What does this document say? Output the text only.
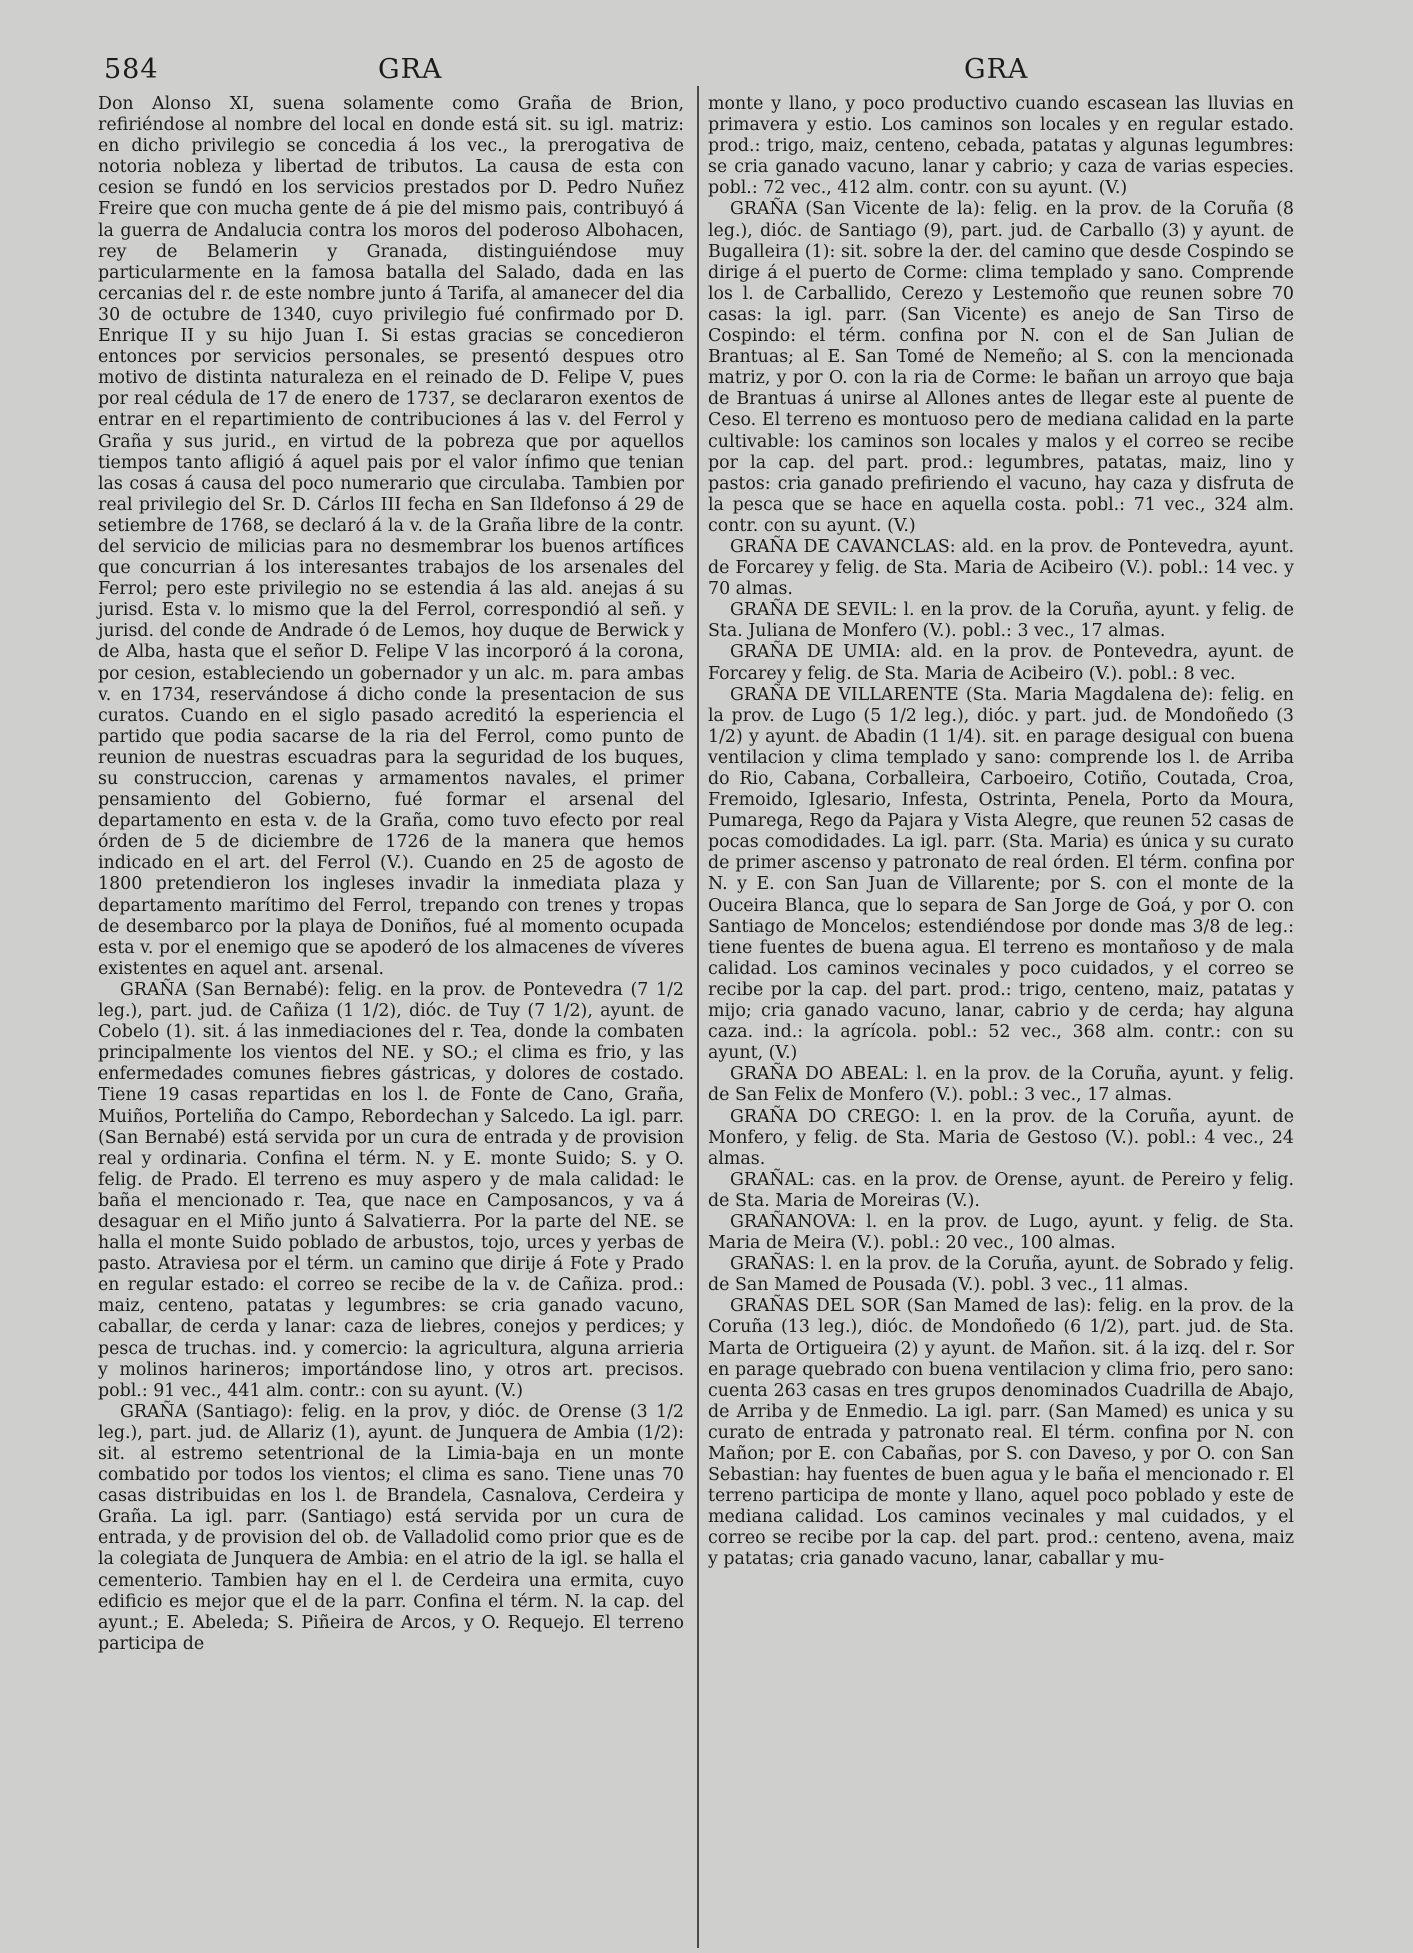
584	GRA	GRA

Don Alonso XI, suena solamente como Graña de Brion, refiriéndose al nombre del local en donde está sit. su igl. matriz: en dicho privilegio se concedia á los vec., la prerogativa de notoria nobleza y libertad de tributos. La causa de esta con cesion se fundó en los servicios prestados por D. Pedro Nuñez Freire que con mucha gente de á pie del mismo pais, contribuyó á la guerra de Andalucia contra los moros del poderoso Albohacen, rey de Belamerin y Granada, distinguiéndose muy particularmente en la famosa batalla del Salado, dada en las cercanias del r. de este nombre junto á Tarifa, al amanecer del dia 30 de octubre de 1340, cuyo privilegio fué confirmado por D. Enrique II y su hijo Juan I. Si estas gracias se concedieron entonces por servicios personales, se presentó despues otro motivo de distinta naturaleza en el reinado de D. Felipe V, pues por real cédula de 17 de enero de 1737, se declararon exentos de entrar en el repartimiento de contribuciones á las v. del Ferrol y Graña y sus jurid., en virtud de la pobreza que por aquellos tiempos tanto afligió á aquel pais por el valor ínfimo que tenian las cosas á causa del poco numerario que circulaba. Tambien por real privilegio del Sr. D. Cárlos III fecha en San Ildefonso á 29 de setiembre de 1768, se declaró á la v. de la Graña libre de la contr. del servicio de milicias para no desmembrar los buenos artífices que concurrian á los interesantes trabajos de los arsenales del Ferrol; pero este privilegio no se estendia á las ald. anejas á su jurisd. Esta v. lo mismo que la del Ferrol, correspondió al señ. y jurisd. del conde de Andrade ó de Lemos, hoy duque de Berwick y de Alba, hasta que el señor D. Felipe V las incorporó á la corona, por cesion, estableciendo un gobernador y un alc. m. para ambas v. en 1734, reservándose á dicho conde la presentacion de sus curatos. Cuando en el siglo pasado acreditó la esperiencia el partido que podia sacarse de la ria del Ferrol, como punto de reunion de nuestras escuadras para la seguridad de los buques, su construccion, carenas y armamentos navales, el primer pensamiento del Gobierno, fué formar el arsenal del departamento en esta v. de la Graña, como tuvo efecto por real órden de 5 de diciembre de 1726 de la manera que hemos indicado en el art. del Ferrol (V.). Cuando en 25 de agosto de 1800 pretendieron los ingleses invadir la inmediata plaza y departamento marítimo del Ferrol, trepando con trenes y tropas de desembarco por la playa de Doniños, fué al momento ocupada esta v. por el enemigo que se apoderó de los almacenes de víveres existentes en aquel ant. arsenal.

GRAÑA (San Bernabé): felig. en la prov. de Pontevedra (7 1/2 leg.), part. jud. de Cañiza (1 1/2), dióc. de Tuy (7 1/2), ayunt. de Cobelo (1). sit. á las inmediaciones del r. Tea, donde la combaten principalmente los vientos del NE. y SO.; el clima es frio, y las enfermedades comunes fiebres gástricas, y dolores de costado. Tiene 19 casas repartidas en los l. de Fonte de Cano, Graña, Muiños, Porteliña do Campo, Rebordechan y Salcedo. La igl. parr. (San Bernabé) está servida por un cura de entrada y de provision real y ordinaria. Confina el térm. N. y E. monte Suido; S. y O. felig. de Prado. El terreno es muy aspero y de mala calidad: le baña el mencionado r. Tea, que nace en Camposancos, y va á desaguar en el Miño junto á Salvatierra. Por la parte del NE. se halla el monte Suido poblado de arbustos, tojo, urces y yerbas de pasto. Atraviesa por el térm. un camino que dirije á Fote y Prado en regular estado: el correo se recibe de la v. de Cañiza. prod.: maiz, centeno, patatas y legumbres: se cria ganado vacuno, caballar, de cerda y lanar: caza de liebres, conejos y perdices; y pesca de truchas. ind. y comercio: la agricultura, alguna arrieria y molinos harineros; importándose lino, y otros art. precisos. pobl.: 91 vec., 441 alm. contr.: con su ayunt. (V.)

GRAÑA (Santiago): felig. en la prov, y dióc. de Orense (3 1/2 leg.), part. jud. de Allariz (1), ayunt. de Junquera de Ambia (1/2): sit. al estremo setentrional de la Limia-baja en un monte combatido por todos los vientos; el clima es sano. Tiene unas 70 casas distribuidas en los l. de Brandela, Casnalova, Cerdeira y Graña. La igl. parr. (Santiago) está servida por un cura de entrada, y de provision del ob. de Valladolid como prior que es de la colegiata de Junquera de Ambia: en el atrio de la igl. se halla el cementerio. Tambien hay en el l. de Cerdeira una ermita, cuyo edificio es mejor que el de la parr. Confina el térm. N. la cap. del ayunt.; E. Abeleda; S. Piñeira de Arcos, y O. Requejo. El terreno participa de

monte y llano, y poco productivo cuando escasean las lluvias en primavera y estio. Los caminos son locales y en regular estado. prod.: trigo, maiz, centeno, cebada, patatas y algunas legumbres: se cria ganado vacuno, lanar y cabrio; y caza de varias especies. pobl.: 72 vec., 412 alm. contr. con su ayunt. (V.)

GRAÑA (San Vicente de la): felig. en la prov. de la Coruña (8 leg.), dióc. de Santiago (9), part. jud. de Carballo (3) y ayunt. de Bugalleira (1): sit. sobre la der. del camino que desde Cospindo se dirige á el puerto de Corme: clima templado y sano. Comprende los l. de Carballido, Cerezo y Lestemoño que reunen sobre 70 casas: la igl. parr. (San Vicente) es anejo de San Tirso de Cospindo: el térm. confina por N. con el de San Julian de Brantuas; al E. San Tomé de Nemeño; al S. con la mencionada matriz, y por O. con la ria de Corme: le bañan un arroyo que baja de Brantuas á unirse al Allones antes de llegar este al puente de Ceso. El terreno es montuoso pero de mediana calidad en la parte cultivable: los caminos son locales y malos y el correo se recibe por la cap. del part. prod.: legumbres, patatas, maiz, lino y pastos: cria ganado prefiriendo el vacuno, hay caza y disfruta de la pesca que se hace en aquella costa. pobl.: 71 vec., 324 alm. contr. con su ayunt. (V.)

GRAÑA DE CAVANCLAS: ald. en la prov. de Pontevedra, ayunt. de Forcarey y felig. de Sta. Maria de Acibeiro (V.). pobl.: 14 vec. y 70 almas.

GRAÑA DE SEVIL: l. en la prov. de la Coruña, ayunt. y felig. de Sta. Juliana de Monfero (V.). pobl.: 3 vec., 17 almas.

GRAÑA DE UMIA: ald. en la prov. de Pontevedra, ayunt. de Forcarey y felig. de Sta. Maria de Acibeiro (V.). pobl.: 8 vec.

GRAÑA DE VILLARENTE (Sta. Maria Magdalena de): felig. en la prov. de Lugo (5 1/2 leg.), dióc. y part. jud. de Mondoñedo (3 1/2) y ayunt. de Abadin (1 1/4). sit. en parage desigual con buena ventilacion y clima templado y sano: comprende los l. de Arriba do Rio, Cabana, Corballeira, Carboeiro, Cotiño, Coutada, Croa, Fremoido, Iglesario, Infesta, Ostrinta, Penela, Porto da Moura, Pumarega, Rego da Pajara y Vista Alegre, que reunen 52 casas de pocas comodidades. La igl. parr. (Sta. Maria) es única y su curato de primer ascenso y patronato de real órden. El térm. confina por N. y E. con San Juan de Villarente; por S. con el monte de la Ouceira Blanca, que lo separa de San Jorge de Goá, y por O. con Santiago de Moncelos; estendiéndose por donde mas 3/8 de leg.: tiene fuentes de buena agua. El terreno es montañoso y de mala calidad. Los caminos vecinales y poco cuidados, y el correo se recibe por la cap. del part. prod.: trigo, centeno, maiz, patatas y mijo; cria ganado vacuno, lanar, cabrio y de cerda; hay alguna caza. ind.: la agrícola. pobl.: 52 vec., 368 alm. contr.: con su ayunt, (V.)

GRAÑA DO ABEAL: l. en la prov. de la Coruña, ayunt. y felig. de San Felix de Monfero (V.). pobl.: 3 vec., 17 almas.

GRAÑA DO CREGO: l. en la prov. de la Coruña, ayunt. de Monfero, y felig. de Sta. Maria de Gestoso (V.). pobl.: 4 vec., 24 almas.

GRAÑAL: cas. en la prov. de Orense, ayunt. de Pereiro y felig. de Sta. Maria de Moreiras (V.).

GRAÑANOVA: l. en la prov. de Lugo, ayunt. y felig. de Sta. Maria de Meira (V.). pobl.: 20 vec., 100 almas.

GRAÑAS: l. en la prov. de la Coruña, ayunt. de Sobrado y felig. de San Mamed de Pousada (V.). pobl. 3 vec., 11 almas.

GRAÑAS DEL SOR (San Mamed de las): felig. en la prov. de la Coruña (13 leg.), dióc. de Mondoñedo (6 1/2), part. jud. de Sta. Marta de Ortigueira (2) y ayunt. de Mañon. sit. á la izq. del r. Sor en parage quebrado con buena ventilacion y clima frio, pero sano: cuenta 263 casas en tres grupos denominados Cuadrilla de Abajo, de Arriba y de Enmedio. La igl. parr. (San Mamed) es unica y su curato de entrada y patronato real. El térm. confina por N. con Mañon; por E. con Cabañas, por S. con Daveso, y por O. con San Sebastian: hay fuentes de buen agua y le baña el mencionado r. El terreno participa de monte y llano, aquel poco poblado y este de mediana calidad. Los caminos vecinales y mal cuidados, y el correo se recibe por la cap. del part. prod.: centeno, avena, maiz y patatas; cria ganado vacuno, lanar, caballar y mu-
